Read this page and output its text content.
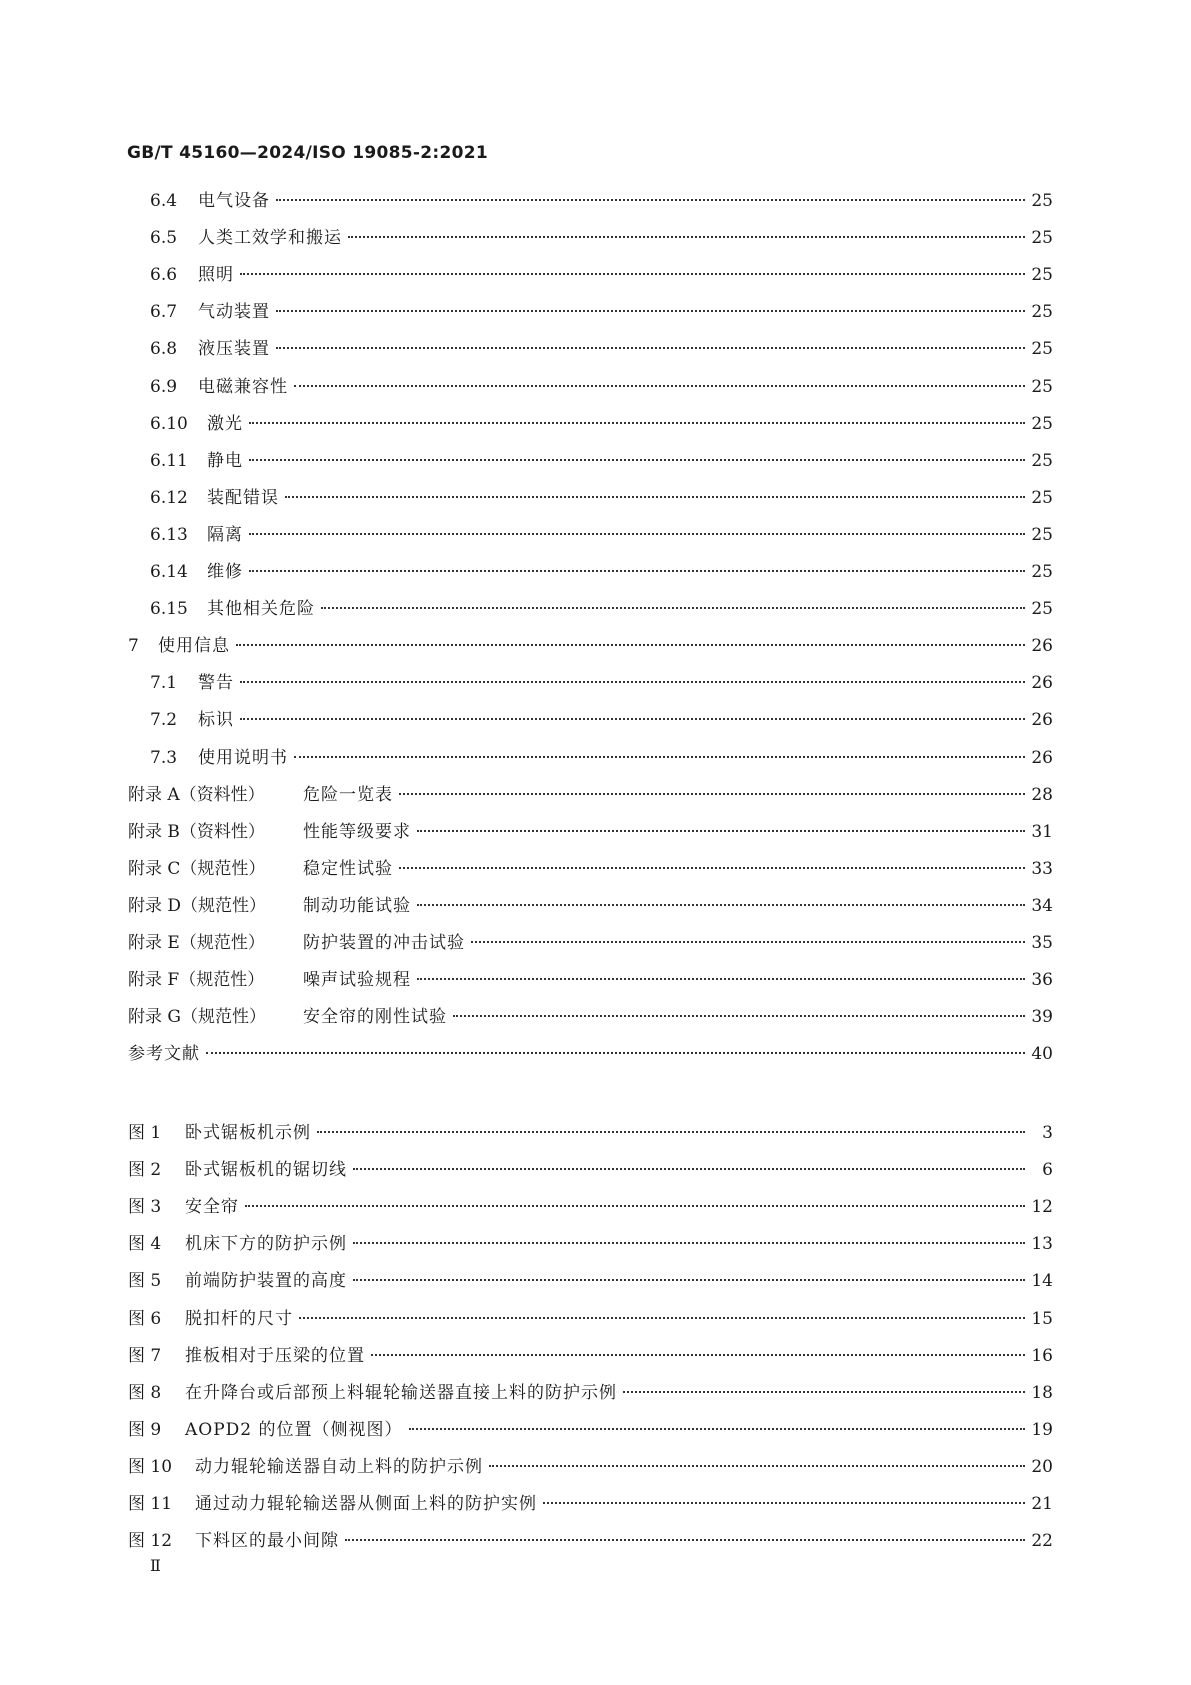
GB/T 45160—2024/ISO 19085-2:2021
6.4	电气设备	25
6.5	人类工效学和搬运	25
6.6	照明	25
6.7	气动装置	25
6.8	液压装置	25
6.9	电磁兼容性	25
6.10	激光	25
6.11	静电	25
6.12	装配错误	25
6.13	隔离	25
6.14	维修	25
6.15	其他相关危险	25
7	使用信息	26
7.1	警告	26
7.2	标识	26
7.3	使用说明书	26
附录 A（资料性）	危险一览表	28
附录 B（资料性）	性能等级要求	31
附录 C（规范性）	稳定性试验	33
附录 D（规范性）	制动功能试验	34
附录 E（规范性）	防护装置的冲击试验	35
附录 F（规范性）	噪声试验规程	36
附录 G（规范性）	安全帘的刚性试验	39
参考文献	40
图 1	卧式锯板机示例	3
图 2	卧式锯板机的锯切线	6
图 3	安全帘	12
图 4	机床下方的防护示例	13
图 5	前端防护装置的高度	14
图 6	脱扣杆的尺寸	15
图 7	推板相对于压梁的位置	16
图 8	在升降台或后部预上料辊轮输送器直接上料的防护示例	18
图 9	AOPD2 的位置（侧视图）	19
图 10	动力辊轮输送器自动上料的防护示例	20
图 11	通过动力辊轮输送器从侧面上料的防护实例	21
图 12	下料区的最小间隙	22
Ⅱ
